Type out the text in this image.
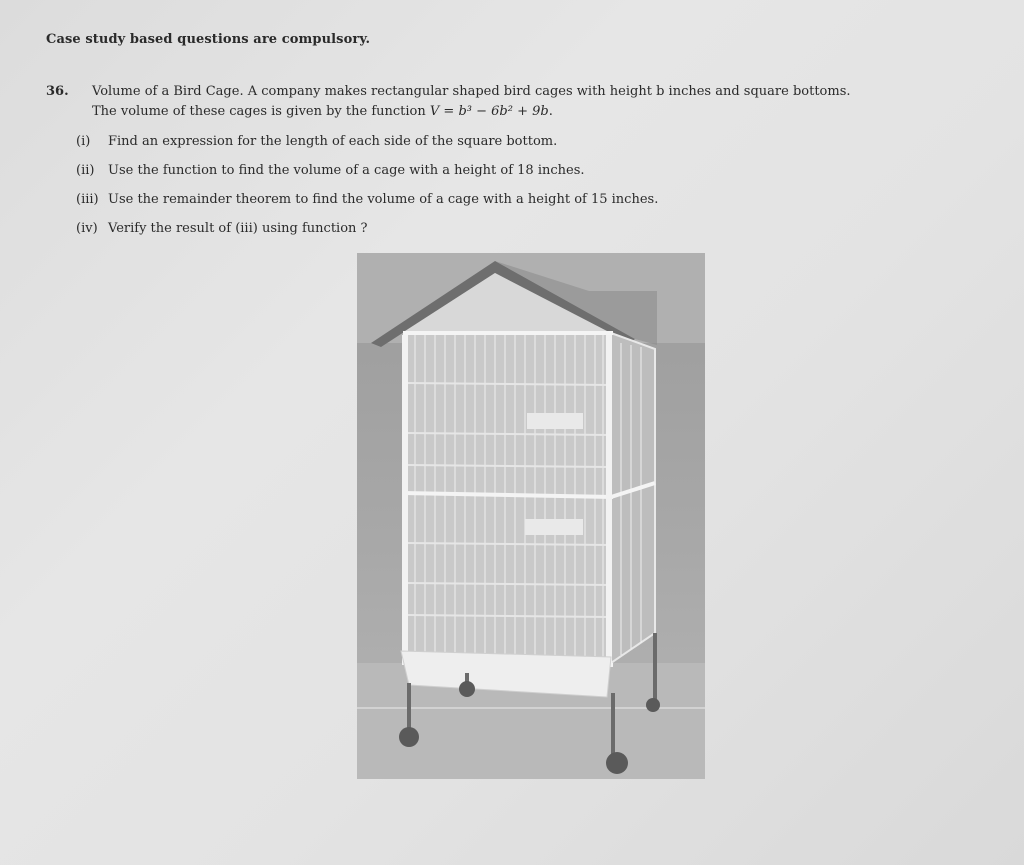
Case study based questions are compulsory.
36. Volume of a Bird Cage. A company makes rectangular shaped bird cages with height b inches and square bottoms.
The volume of these cages is given by the function V = b³ − 6b² + 9b.
(i) Find an expression for the length of each side of the square bottom.
(ii) Use the function to find the volume of a cage with a height of 18 inches.
(iii) Use the remainder theorem to find the volume of a cage with a height of 15 inches.
(iv) Verify the result of (iii) using function ?
